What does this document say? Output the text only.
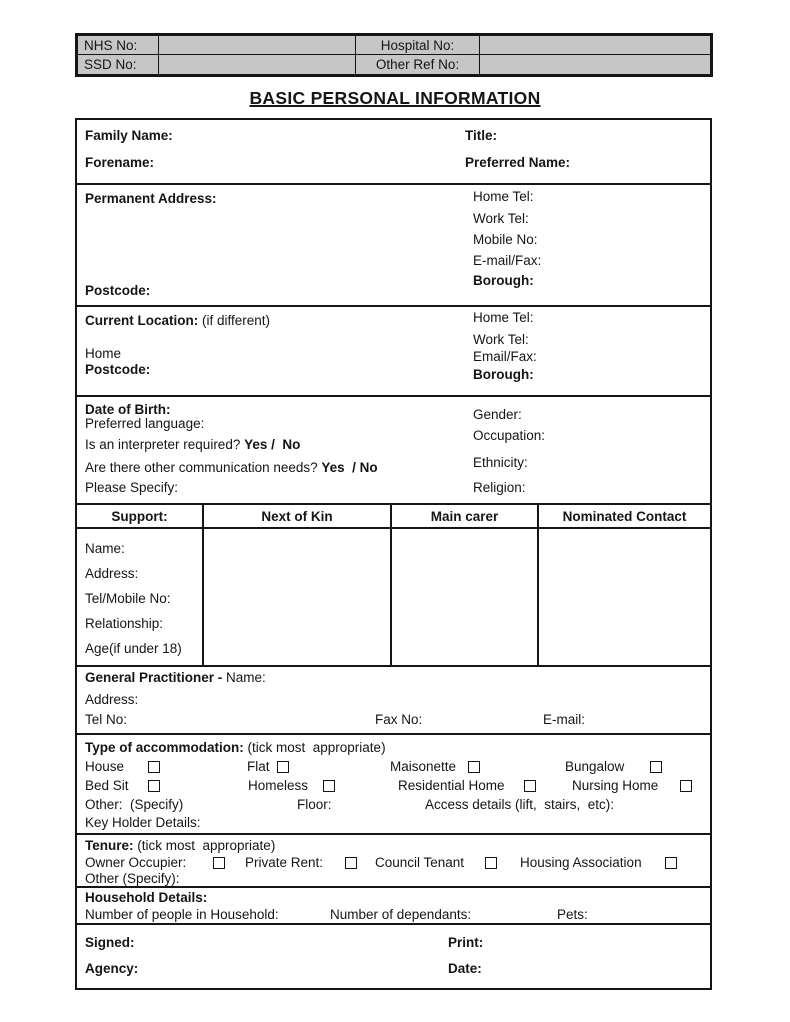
NHS No:	Hospital No:
SSD No:	Other Ref No:
BASIC PERSONAL INFORMATION
Family Name:
Forename:
Title:
Preferred Name:
Permanent Address:
Postcode:
Home Tel:
Work Tel:
Mobile No:
E-mail/Fax:
Borough:
Current Location: (if different)
Home
Postcode:
Home Tel:
Work Tel:
Email/Fax:
Borough:
Date of Birth:
Preferred language:
Is an interpreter required? Yes /  No
Are there other communication needs? Yes  / No
Please Specify:
Gender:
Occupation:
Ethnicity:
Religion:
Support:	Next of Kin	Main carer	Nominated Contact
Name:
Address:
Tel/Mobile No:
Relationship:
Age(if under 18)
General Practitioner - Name:
Address:
Tel No:	Fax No:	E-mail:
Type of accommodation: (tick most  appropriate)
House	Flat	Maisonette	Bungalow
Bed Sit	Homeless	Residential Home	Nursing Home
Other:  (Specify)	Floor:	Access details (lift,  stairs,  etc):
Key Holder Details:
Tenure: (tick most  appropriate)
Owner Occupier:	Private Rent:	Council Tenant	Housing Association
Other (Specify):
Household Details:
Number of people in Household:	Number of dependants:	Pets:
Signed:	Print:
Agency:	Date:
